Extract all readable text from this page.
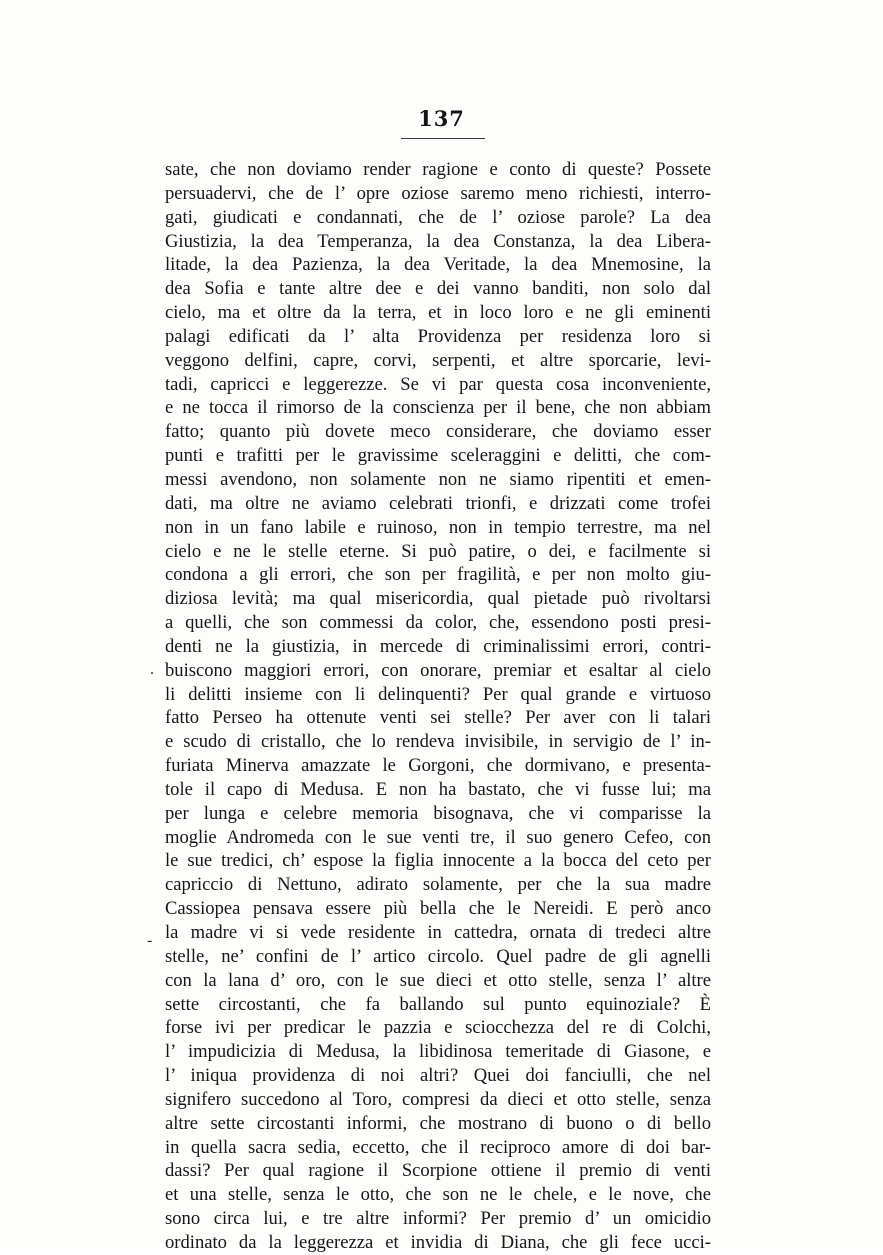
137
.
-
sate, che non doviamo render ragione e conto di queste? Possete
persuadervi, che de l’ opre oziose saremo meno richiesti, interro-
gati, giudicati e condannati, che de l’ oziose parole? La dea
Giustizia, la dea Temperanza, la dea Constanza, la dea Libera-
litade, la dea Pazienza, la dea Veritade, la dea Mnemosine, la
dea Sofia e tante altre dee e dei vanno banditi, non solo dal
cielo, ma et oltre da la terra, et in loco loro e ne gli eminenti
palagi edificati da l’ alta Providenza per residenza loro si
veggono delfini, capre, corvi, serpenti, et altre sporcarie, levi-
tadi, capricci e leggerezze. Se vi par questa cosa inconveniente,
e ne tocca il rimorso de la conscienza per il bene, che non abbiam
fatto; quanto più dovete meco considerare, che doviamo esser
punti e trafitti per le gravissime sceleraggini e delitti, che com-
messi avendono, non solamente non ne siamo ripentiti et emen-
dati, ma oltre ne aviamo celebrati trionfi, e drizzati come trofei
non in un fano labile e ruinoso, non in tempio terrestre, ma nel
cielo e ne le stelle eterne. Si può patire, o dei, e facilmente si
condona a gli errori, che son per fragilità, e per non molto giu-
diziosa levità; ma qual misericordia, qual pietade può rivoltarsi
a quelli, che son commessi da color, che, essendono posti presi-
denti ne la giustizia, in mercede di criminalissimi errori, contri-
buiscono maggiori errori, con onorare, premiar et esaltar al cielo
li delitti insieme con li delinquenti? Per qual grande e virtuoso
fatto Perseo ha ottenute venti sei stelle? Per aver con li talari
e scudo di cristallo, che lo rendeva invisibile, in servigio de l’ in-
furiata Minerva amazzate le Gorgoni, che dormivano, e presenta-
tole il capo di Medusa. E non ha bastato, che vi fusse lui; ma
per lunga e celebre memoria bisognava, che vi comparisse la
moglie Andromeda con le sue venti tre, il suo genero Cefeo, con
le sue tredici, ch’ espose la figlia innocente a la bocca del ceto per
capriccio di Nettuno, adirato solamente, per che la sua madre
Cassiopea pensava essere più bella che le Nereidi. E però anco
la madre vi si vede residente in cattedra, ornata di tredeci altre
stelle, ne’ confini de l’ artico circolo. Quel padre de gli agnelli
con la lana d’ oro, con le sue dieci et otto stelle, senza l’ altre
sette circostanti, che fa ballando sul punto equinoziale? È
forse ivi per predicar le pazzia e sciocchezza del re di Colchi,
l’ impudicizia di Medusa, la libidinosa temeritade di Giasone, e
l’ iniqua providenza di noi altri? Quei doi fanciulli, che nel
signifero succedono al Toro, compresi da dieci et otto stelle, senza
altre sette circostanti informi, che mostrano di buono o di bello
in quella sacra sedia, eccetto, che il reciproco amore di doi bar-
dassi? Per qual ragione il Scorpione ottiene il premio di venti
et una stelle, senza le otto, che son ne le chele, e le nove, che
sono circa lui, e tre altre informi? Per premio d’ un omicidio
ordinato da la leggerezza et invidia di Diana, che gli fece ucci-
